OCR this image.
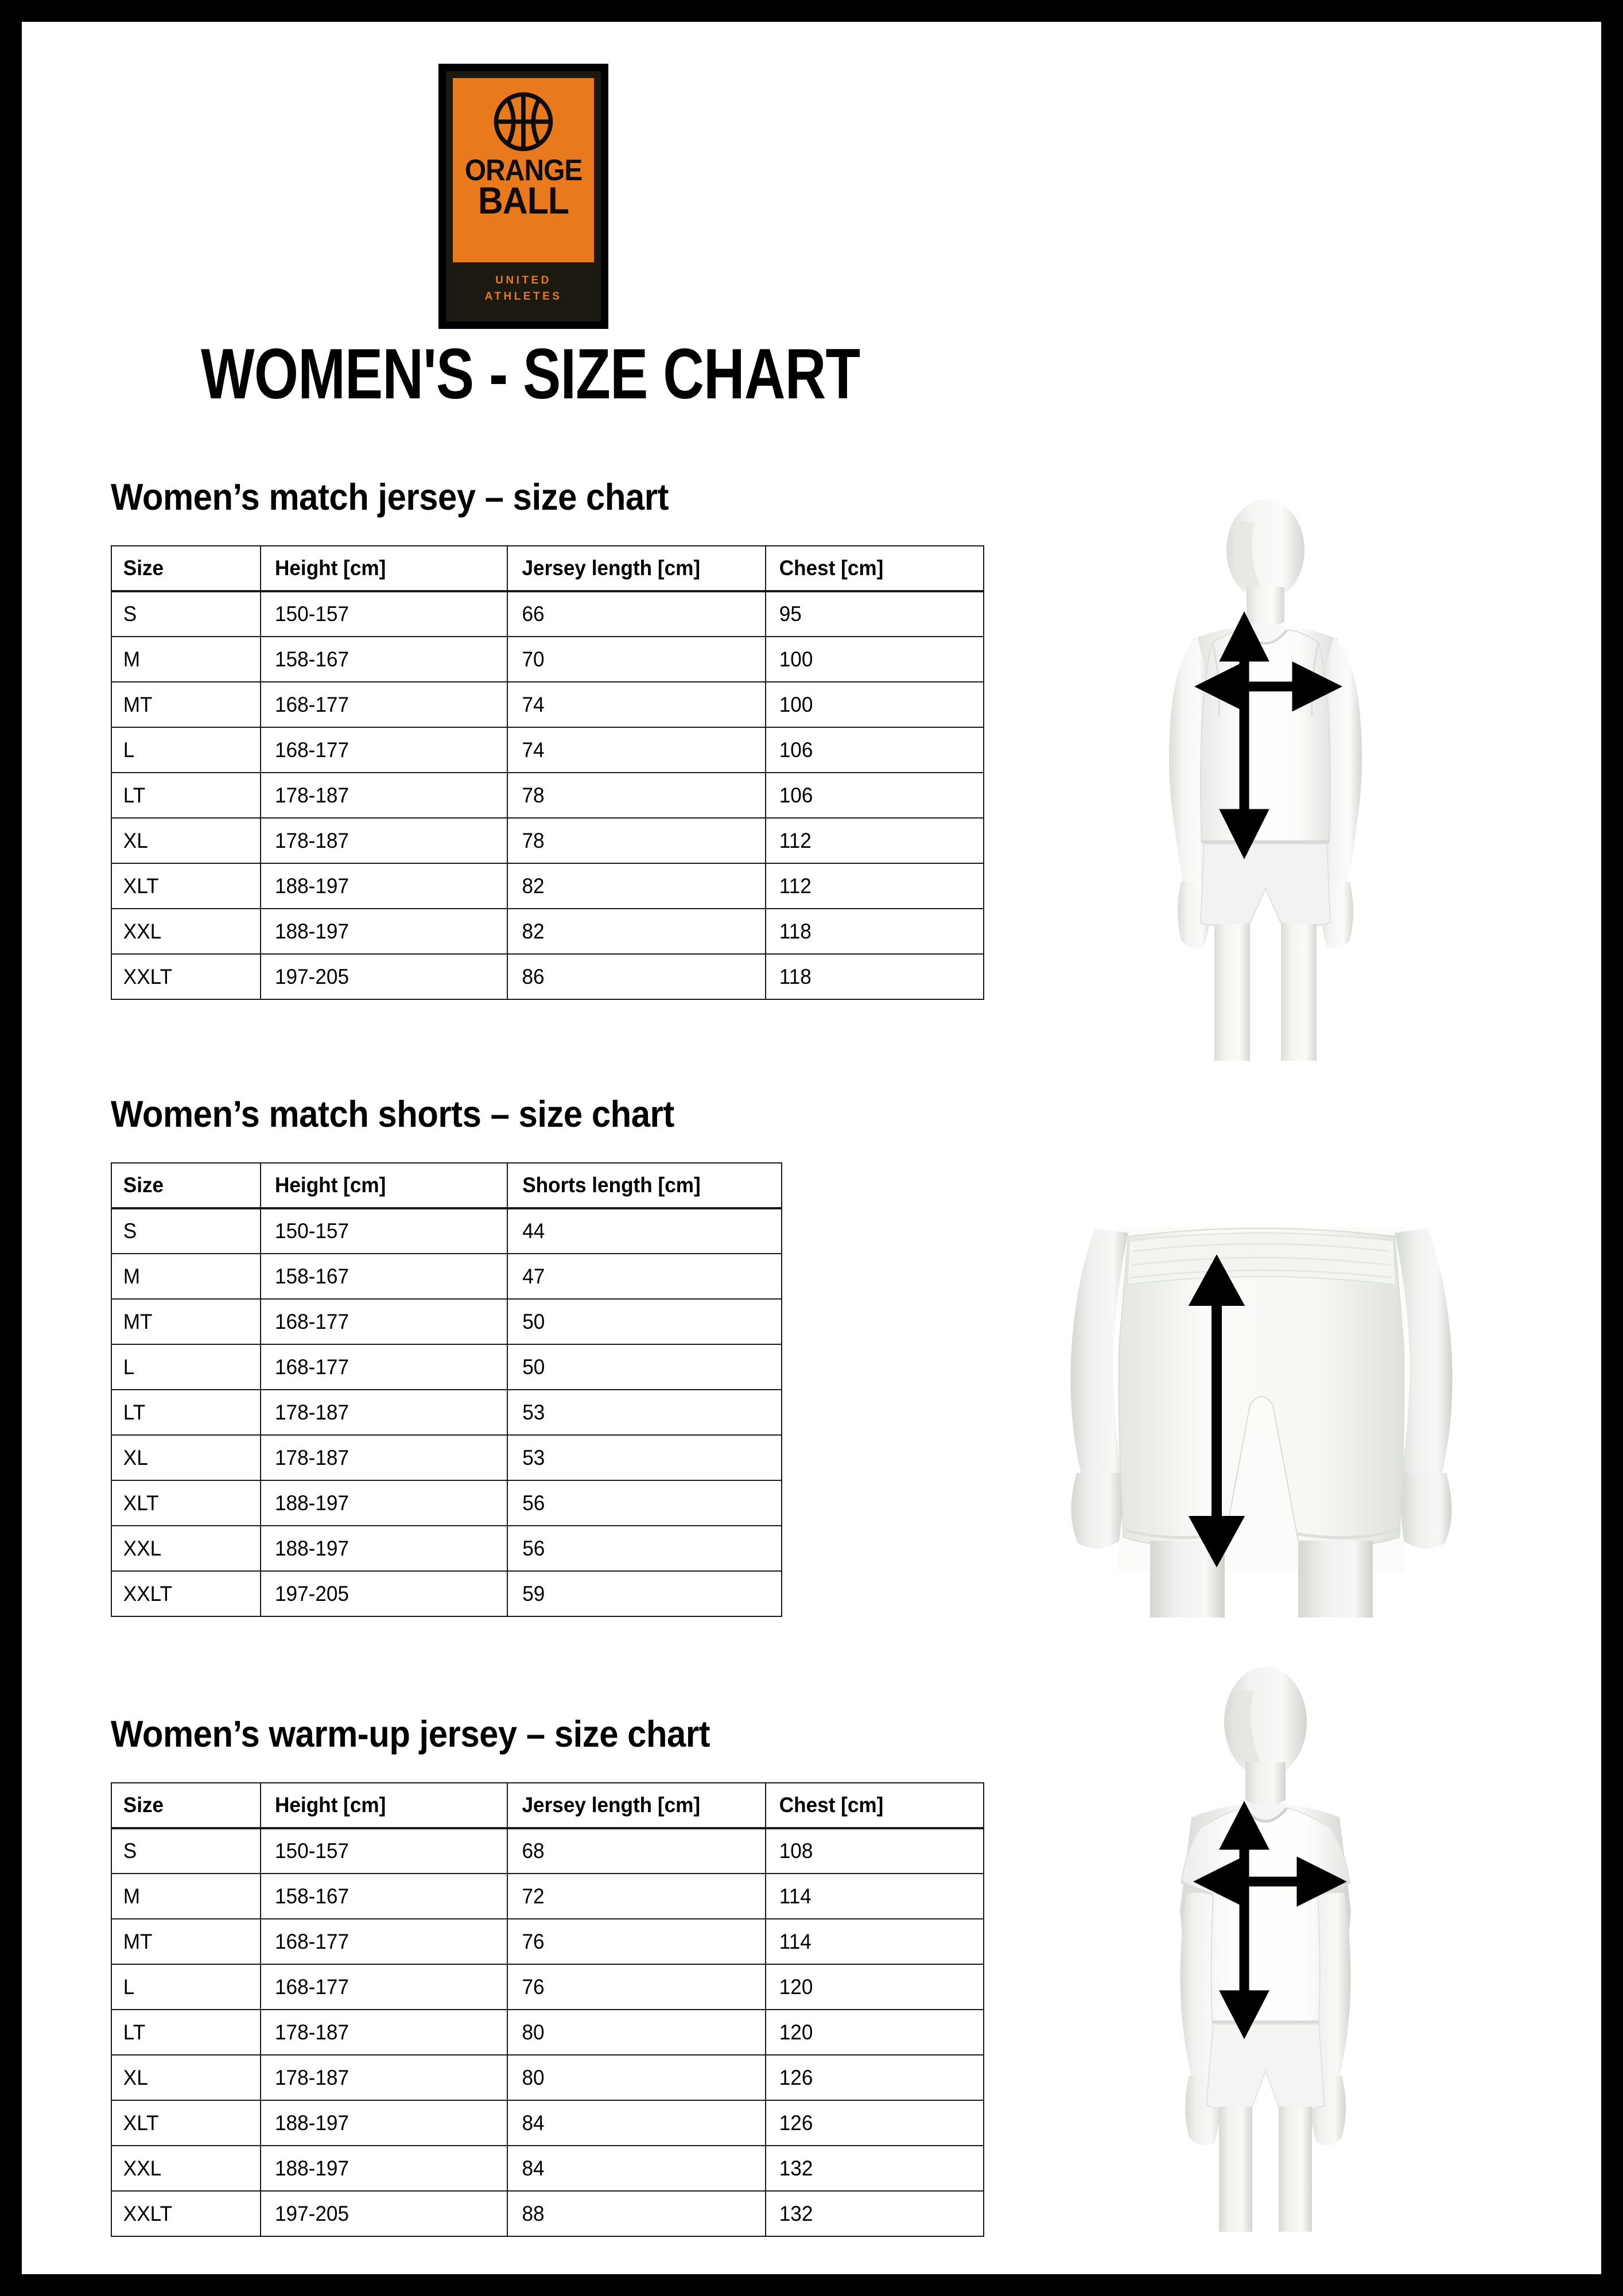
ORANGE
BALL
UNITED
ATHLETES
WOMEN'S - SIZE CHART
Women’s match jersey – size chart
Size	Height [cm]	Jersey length [cm]	Chest [cm]
S	150-157	66	95
M	158-167	70	100
MT	168-177	74	100
L	168-177	74	106
LT	178-187	78	106
XL	178-187	78	112
XLT	188-197	82	112
XXL	188-197	82	118
XXLT	197-205	86	118
Women’s match shorts – size chart
Size	Height [cm]	Shorts length [cm]
S	150-157	44
M	158-167	47
MT	168-177	50
L	168-177	50
LT	178-187	53
XL	178-187	53
XLT	188-197	56
XXL	188-197	56
XXLT	197-205	59
Women’s warm-up jersey – size chart
Size	Height [cm]	Jersey length [cm]	Chest [cm]
S	150-157	68	108
M	158-167	72	114
MT	168-177	76	114
L	168-177	76	120
LT	178-187	80	120
XL	178-187	80	126
XLT	188-197	84	126
XXL	188-197	84	132
XXLT	197-205	88	132
